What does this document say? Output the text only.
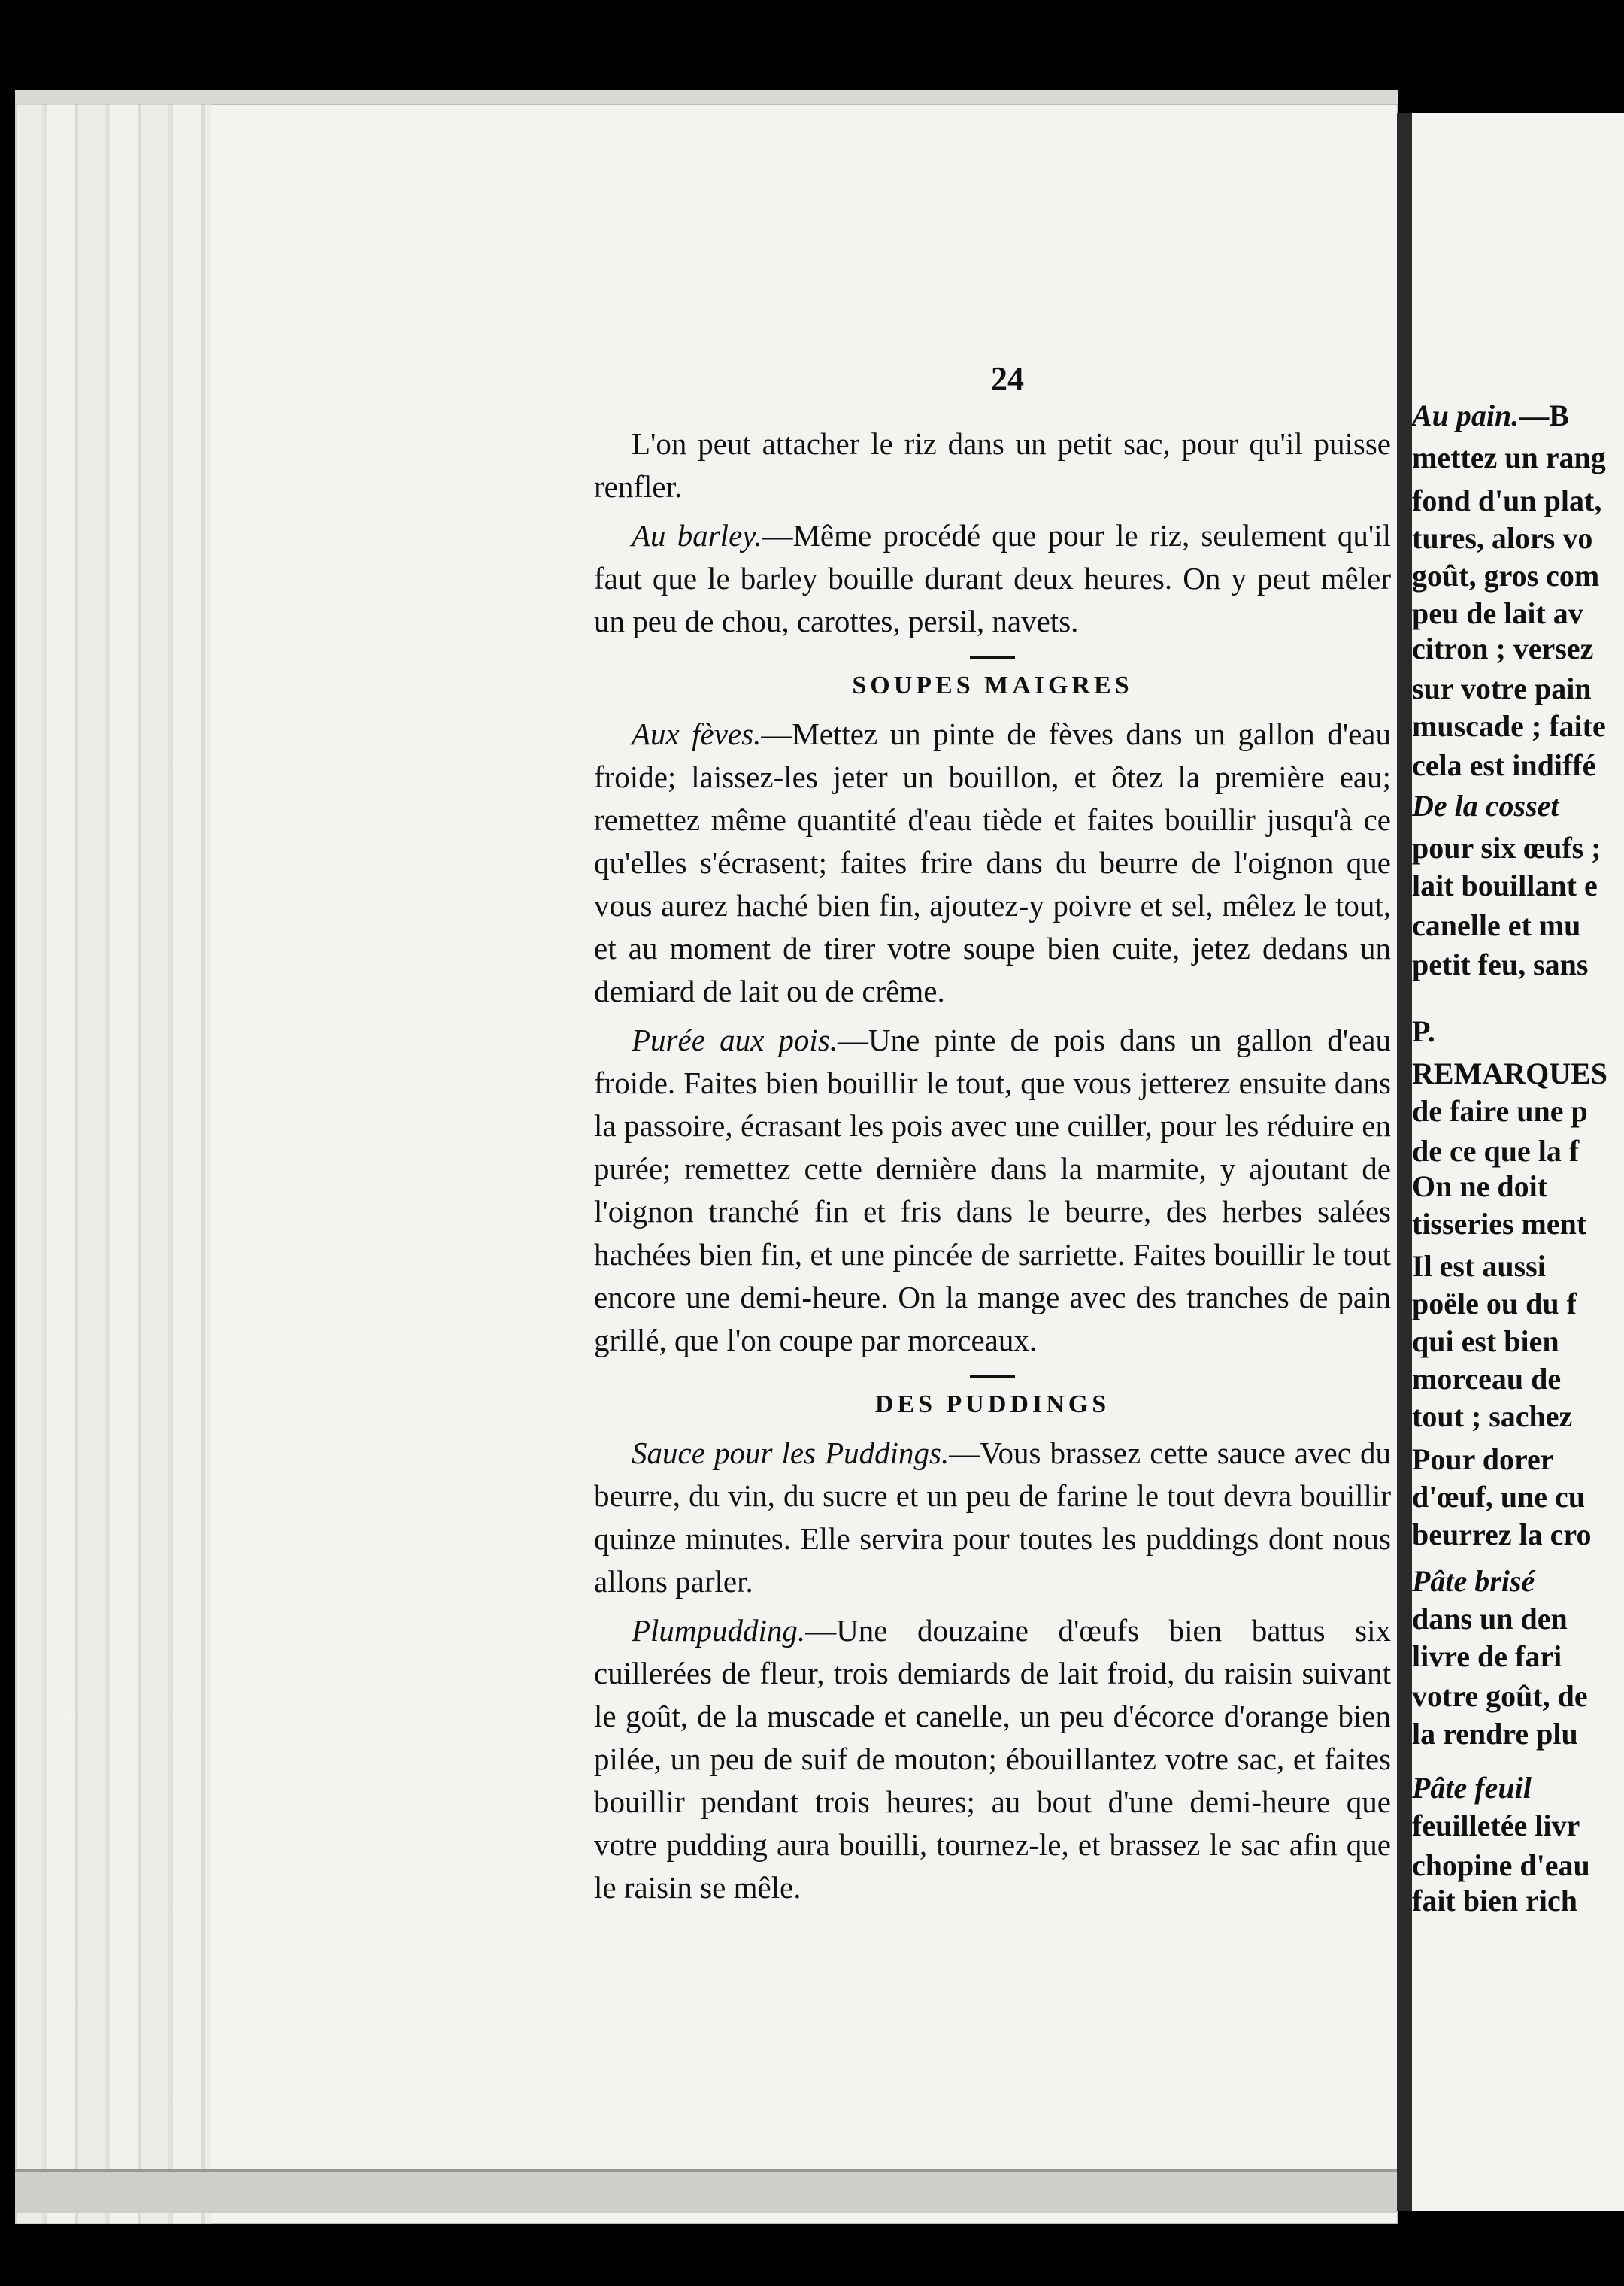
Au pain.—B
mettez un rang
fond d'un plat,
tures, alors vo
goût, gros com
peu de lait av
citron ; versez
sur votre pain
muscade ; faite
cela est indiffé
De la cosset
pour six œufs ;
lait bouillant e
canelle et mu
petit feu, sans
P.
REMARQUES
de faire une p
de ce que la f
On ne doit
tisseries ment
Il est aussi
poële ou du f
qui est bien
morceau de
tout ; sachez
Pour dorer
d'œuf, une cu
beurrez la cro
Pâte brisé
dans un den
livre de fari
votre goût, de
la rendre plu
Pâte feuil
feuilletée livr
chopine d'eau
fait bien rich
24

L'on peut attacher le riz dans un petit sac, pour qu'il puisse renfler.

Au barley.—Même procédé que pour le riz, seulement qu'il faut que le barley bouille durant deux heures. On y peut mêler un peu de chou, carottes, persil, navets.

SOUPES MAIGRES

Aux fèves.—Mettez un pinte de fèves dans un gallon d'eau froide; laissez-les jeter un bouillon, et ôtez la première eau; remettez même quantité d'eau tiède et faites bouillir jusqu'à ce qu'elles s'écrasent; faites frire dans du beurre de l'oignon que vous aurez haché bien fin, ajoutez-y poivre et sel, mêlez le tout, et au moment de tirer votre soupe bien cuite, jetez dedans un demiard de lait ou de crême.

Purée aux pois.—Une pinte de pois dans un gallon d'eau froide. Faites bien bouillir le tout, que vous jetterez ensuite dans la passoire, écrasant les pois avec une cuiller, pour les réduire en purée; remettez cette dernière dans la marmite, y ajoutant de l'oignon tranché fin et fris dans le beurre, des herbes salées hachées bien fin, et une pincée de sarriette. Faites bouillir le tout encore une demi-heure. On la mange avec des tranches de pain grillé, que l'on coupe par morceaux.

DES PUDDINGS

Sauce pour les Puddings.—Vous brassez cette sauce avec du beurre, du vin, du sucre et un peu de farine le tout devra bouillir quinze minutes. Elle servira pour toutes les puddings dont nous allons parler.

Plumpudding.—Une douzaine d'œufs bien battus six cuillerées de fleur, trois demiards de lait froid, du raisin suivant le goût, de la muscade et canelle, un peu d'écorce d'orange bien pilée, un peu de suif de mouton; ébouillantez votre sac, et faites bouillir pendant trois heures; au bout d'une demi-heure que votre pudding aura bouilli, tournez-le, et brassez le sac afin que le raisin se mêle.
